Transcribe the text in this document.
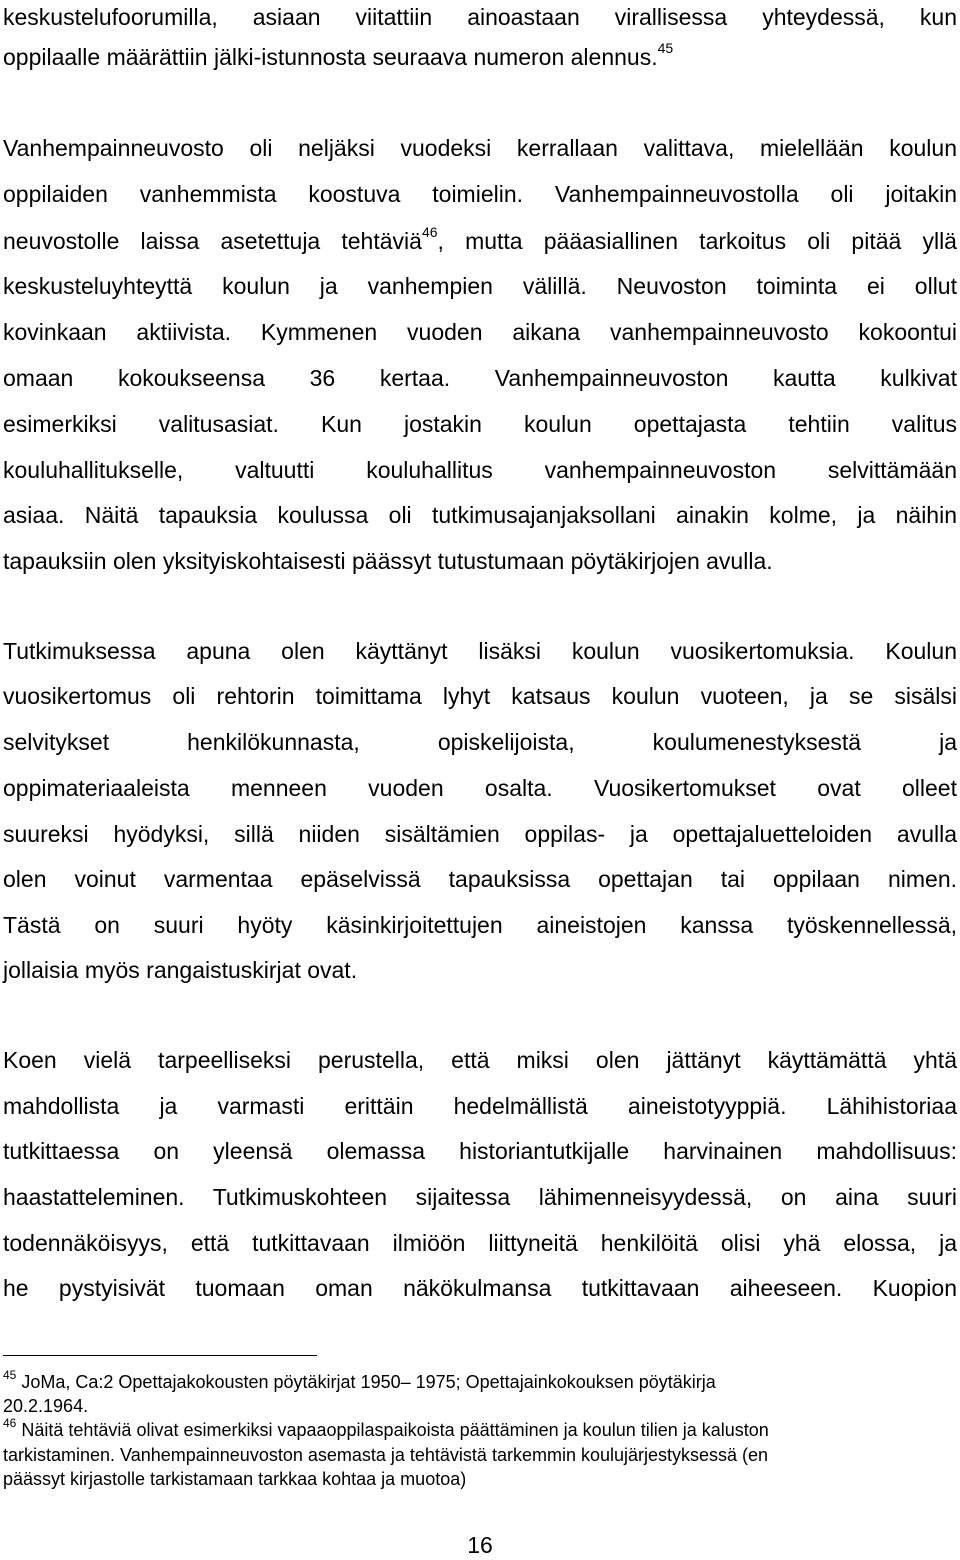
keskustelufoorumilla, asiaan viitattiin ainoastaan virallisessa yhteydessä, kun
oppilaalle määrättiin jälki-istunnosta seuraava numeron alennus.$^{45}$
Vanhempainneuvosto oli neljäksi vuodeksi kerrallaan valittava, mielellään koulun
oppilaiden vanhemmista koostuva toimielin. Vanhempainneuvostolla oli joitakin
neuvostolle laissa asetettuja tehtäviä$^{46}$, mutta pääasiallinen tarkoitus oli pitää yllä
keskusteluyhteyttä koulun ja vanhempien välillä. Neuvoston toiminta ei ollut
kovinkaan aktiivista. Kymmenen vuoden aikana vanhempainneuvosto kokoontui
omaan kokoukseensa 36 kertaa. Vanhempainneuvoston kautta kulkivat
esimerkiksi valitusasiat. Kun jostakin koulun opettajasta tehtiin valitus
kouluhallitukselle, valtuutti kouluhallitus vanhempainneuvoston selvittämään
asiaa. Näitä tapauksia koulussa oli tutkimusajanjaksollani ainakin kolme, ja näihin
tapauksiin olen yksityiskohtaisesti päässyt tutustumaan pöytäkirjojen avulla.
Tutkimuksessa apuna olen käyttänyt lisäksi koulun vuosikertomuksia. Koulun
vuosikertomus oli rehtorin toimittama lyhyt katsaus koulun vuoteen, ja se sisälsi
selvitykset henkilökunnasta, opiskelijoista, koulumenestyksestä ja
oppimateriaaleista menneen vuoden osalta. Vuosikertomukset ovat olleet
suureksi hyödyksi, sillä niiden sisältämien oppilas- ja opettajaluetteloiden avulla
olen voinut varmentaa epäselvissä tapauksissa opettajan tai oppilaan nimen.
Tästä on suuri hyöty käsinkirjoitettujen aineistojen kanssa työskennellessä,
jollaisia myös rangaistuskirjat ovat.
Koen vielä tarpeelliseksi perustella, että miksi olen jättänyt käyttämättä yhtä
mahdollista ja varmasti erittäin hedelmällistä aineistotyyppiä. Lähihistoriaa
tutkittaessa on yleensä olemassa historiantutkijalle harvinainen mahdollisuus:
haastatteleminen. Tutkimuskohteen sijaitessa lähimenneisyydessä, on aina suuri
todennäköisyys, että tutkittavaan ilmiöön liittyneitä henkilöitä olisi yhä elossa, ja
he pystyisivät tuomaan oman näkökulmansa tutkittavaan aiheeseen. Kuopion
$^{45}$ JoMa, Ca:2 Opettajakokousten pöytäkirjat 1950– 1975; Opettajainkokouksen pöytäkirja
20.2.1964.
$^{46}$ Näitä tehtäviä olivat esimerkiksi vapaaoppilaspaikoista päättäminen ja koulun tilien ja kaluston
tarkistaminen. Vanhempainneuvoston asemasta ja tehtävistä tarkemmin koulujärjestyksessä (en
päässyt kirjastolle tarkistamaan tarkkaa kohtaa ja muotoa)
16
